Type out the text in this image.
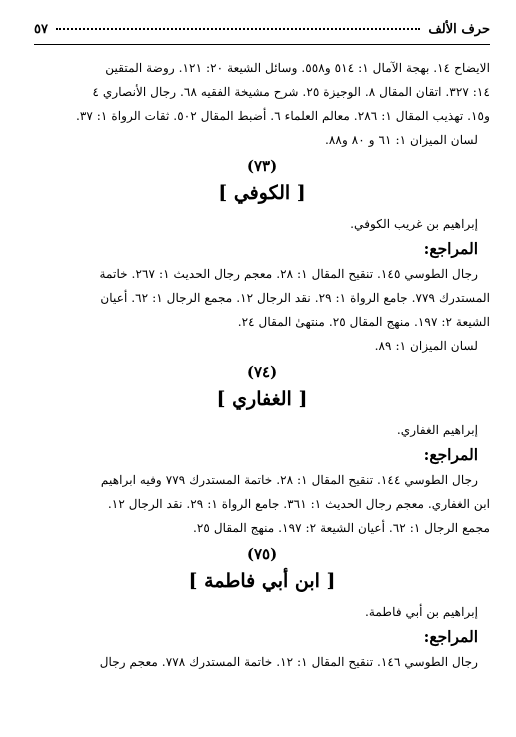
حرف الألف
٥٧

الايضاح ١٤. بهجة الآمال ١: ٥١٤ و٥٥٨. وسائل الشيعة ٢٠: ١٢١. روضة المتقين

١٤: ٣٢٧. اتقان المقال ٨. الوجيزة ٢٥. شرح مشيخة الفقيه ٦٨. رجال الأنصاري ٤

و١٥. تهذيب المقال ١: ٢٨٦. معالم العلماء ٦. أضبط المقال ٥٠٢. ثقات الرواة ١: ٣٧.

لسان الميزان ١: ٦١ و ٨٠ و٨٨.

(٧٣)
[ الكوفي ]

إبراهيم بن غريب الكوفي.

المراجع:

رجال الطوسي ١٤٥. تنقيح المقال ١: ٢٨. معجم رجال الحديث ١: ٢٦٧. خاتمة

المستدرك ٧٧٩. جامع الرواة ١: ٢٩. نقد الرجال ١٢. مجمع الرجال ١: ٦٢. أعيان

الشيعة ٢: ١٩٧. منهج المقال ٢٥. منتهىٰ المقال ٢٤.

لسان الميزان ١: ٨٩.

(٧٤)
[ الغفاري ]

إبراهيم الغفاري.

المراجع:

رجال الطوسي ١٤٤. تنقيح المقال ١: ٢٨. خاتمة المستدرك ٧٧٩ وفيه ابراهيم

ابن الغفاري. معجم رجال الحديث ١: ٣٦١. جامع الرواة ١: ٢٩. نقد الرجال ١٢.

مجمع الرجال ١: ٦٢. أعيان الشيعة ٢: ١٩٧. منهج المقال ٢٥.

(٧٥)
[ ابن أبي فاطمة ]

إبراهيم بن أبي فاطمة.

المراجع:

رجال الطوسي ١٤٦. تنقيح المقال ١: ١٢. خاتمة المستدرك ٧٧٨. معجم رجال
